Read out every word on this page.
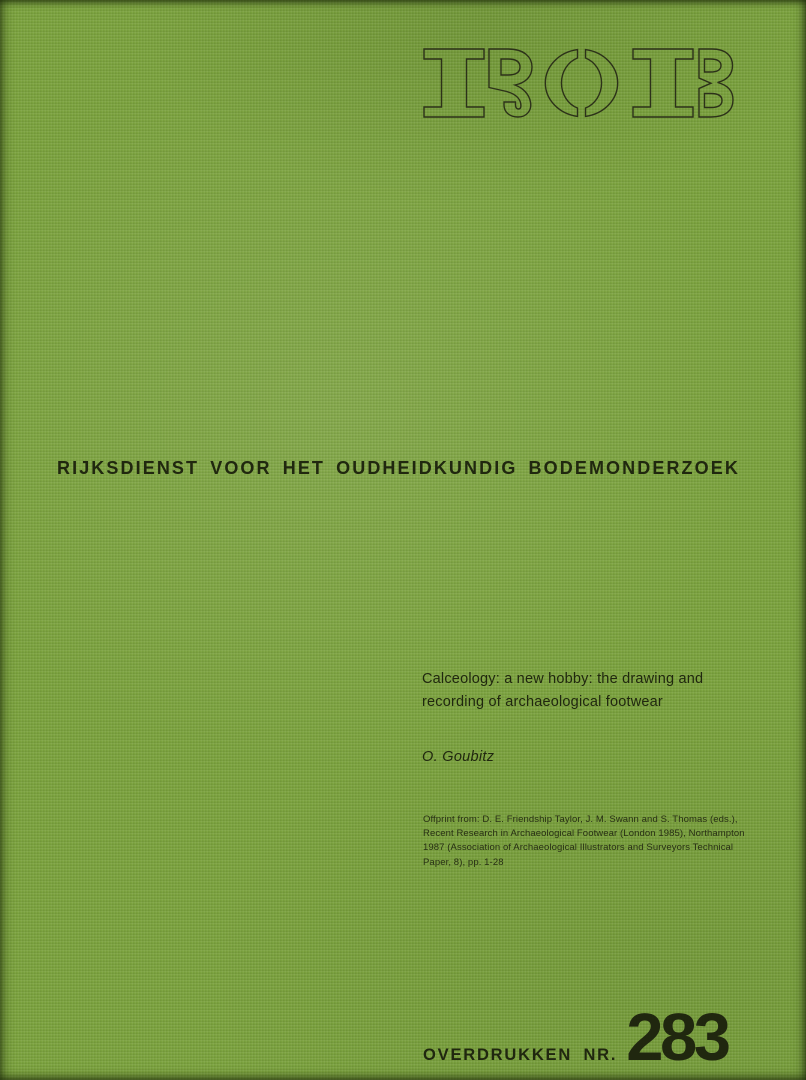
RIJKSDIENST VOOR HET OUDHEIDKUNDIG BODEMONDERZOEK
Calceology: a new hobby: the drawing and
recording of archaeological footwear
O. Goubitz
Offprint from: D. E. Friendship Taylor, J. M. Swann and S. Thomas (eds.),
Recent Research in Archaeological Footwear (London 1985), Northampton
1987 (Association of Archaeological Illustrators and Surveyors Technical
Paper, 8), pp. 1-28
OVERDRUKKEN NR. 283
